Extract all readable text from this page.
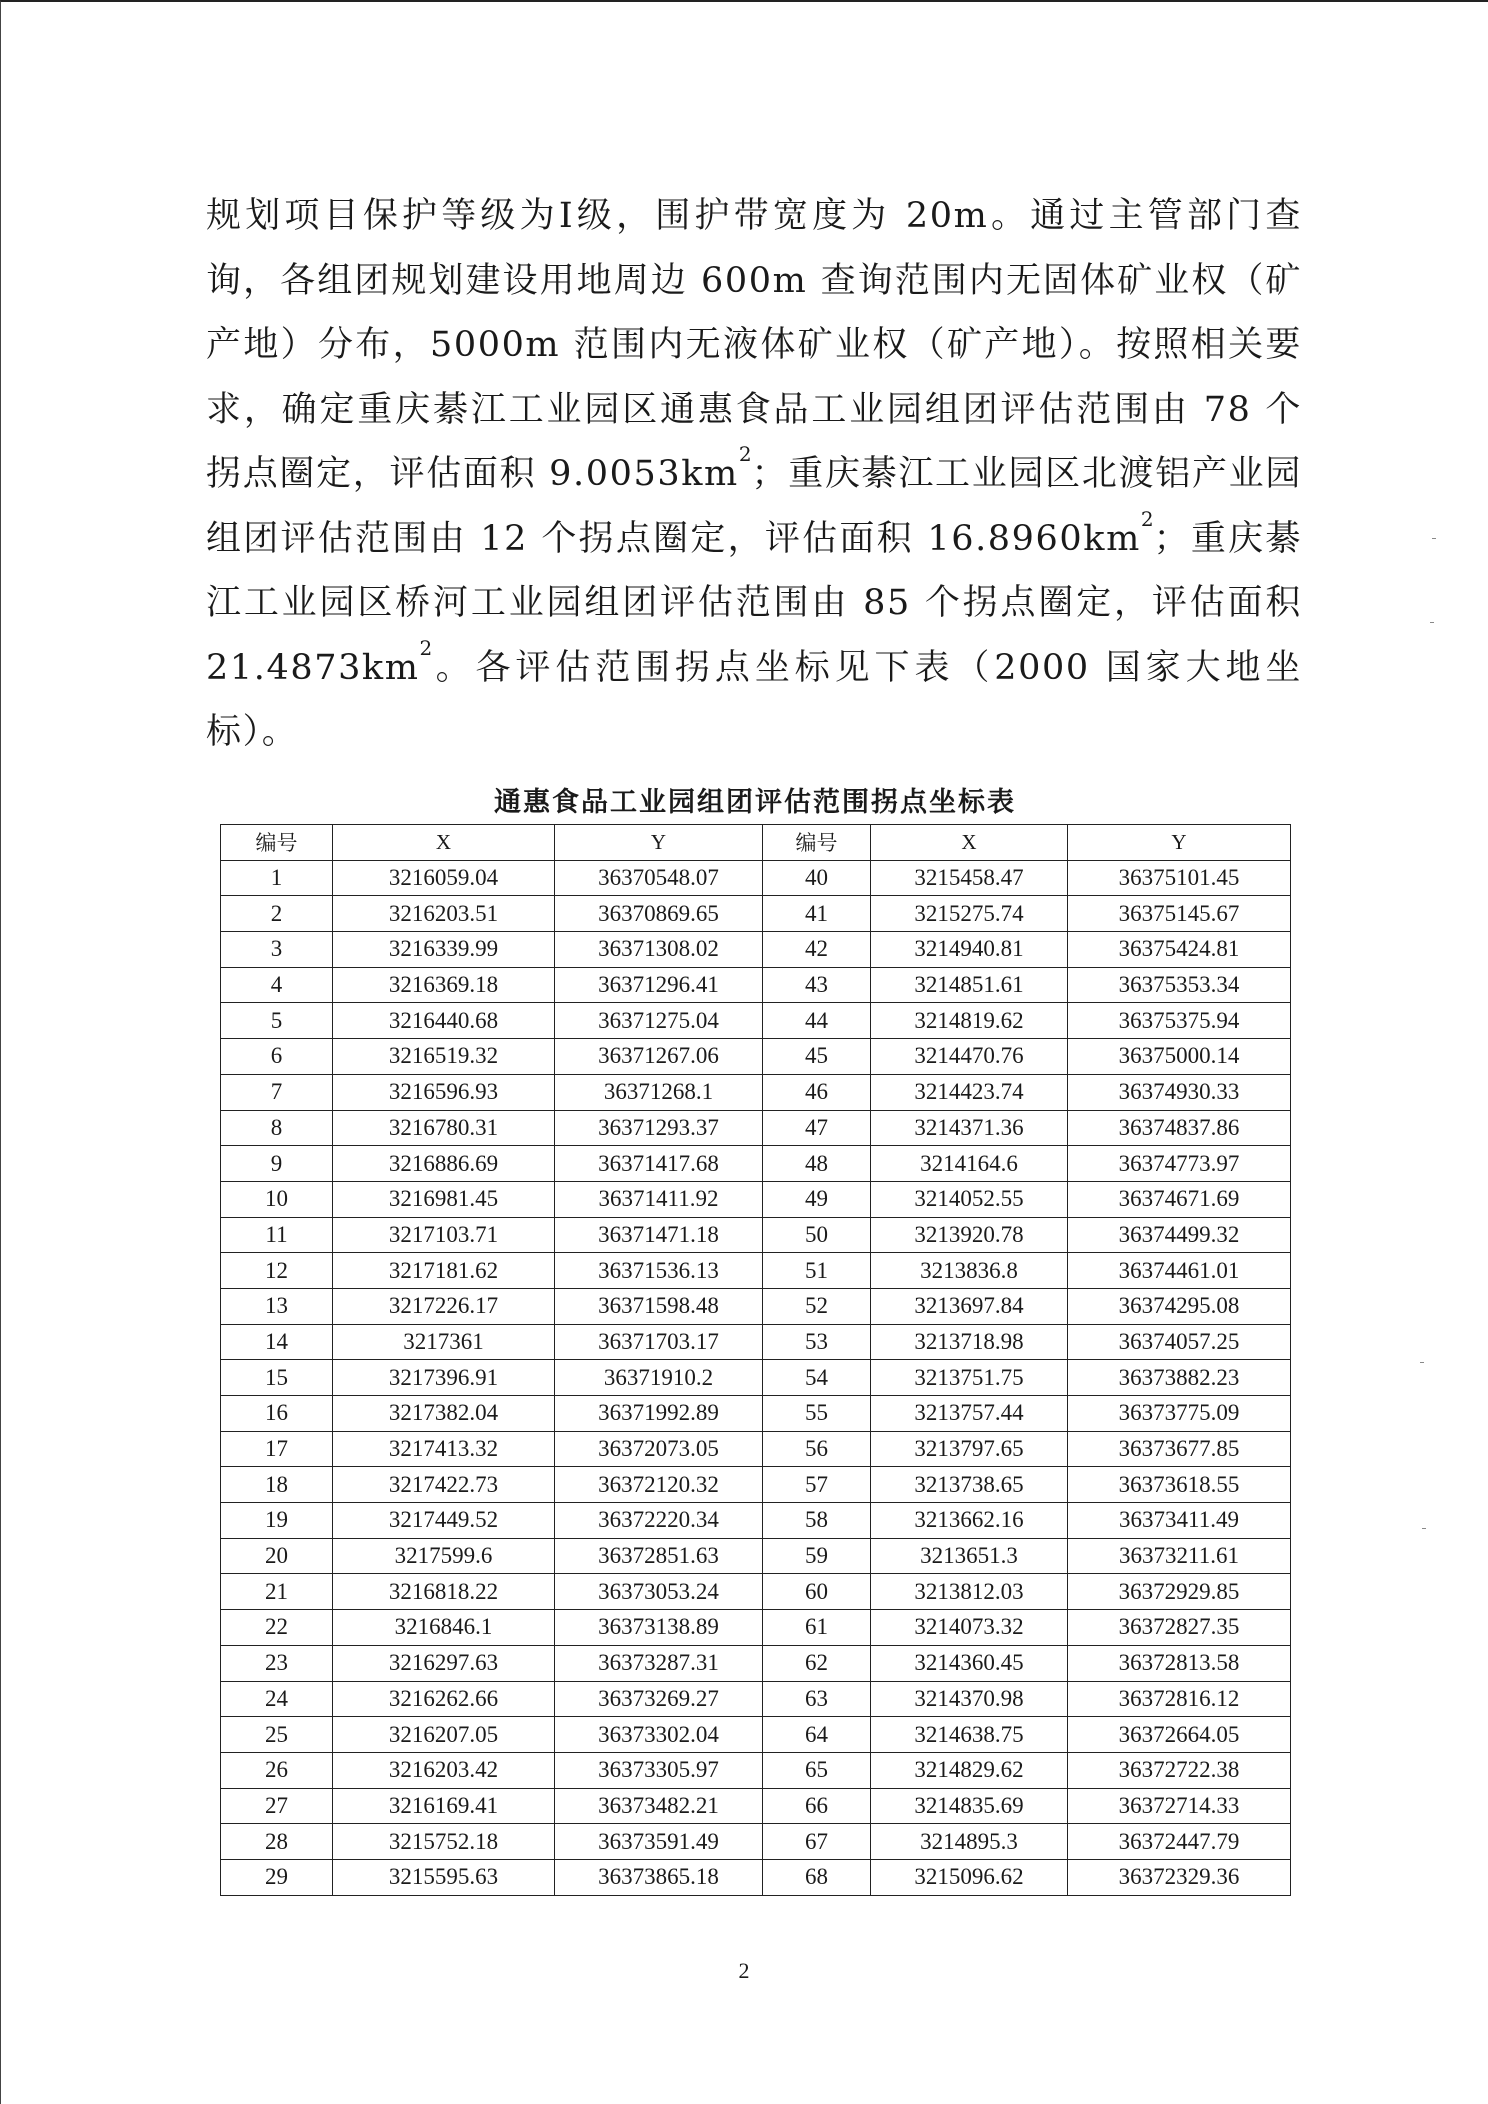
规划项目保护等级为Ⅰ级，围护带宽度为 20m。通过主管部门查询，各组团规划建设用地周边 600m 查询范围内无固体矿业权（矿产地）分布，5000m 范围内无液体矿业权（矿产地）。按照相关要求，确定重庆綦江工业园区通惠食品工业园组团评估范围由 78 个拐点圈定，评估面积 $9.0053km^2$；重庆綦江工业园区北渡铝产业园组团评估范围由 12 个拐点圈定，评估面积 $16.8960km^2$；重庆綦江工业园区桥河工业园组团评估范围由 85 个拐点圈定，评估面积 $21.4873km^2$。各评估范围拐点坐标见下表（2000 国家大地坐标）。
通惠食品工业园组团评估范围拐点坐标表
编号	X	Y	编号	X	Y
1	3216059.04	36370548.07	40	3215458.47	36375101.45
2	3216203.51	36370869.65	41	3215275.74	36375145.67
3	3216339.99	36371308.02	42	3214940.81	36375424.81
4	3216369.18	36371296.41	43	3214851.61	36375353.34
5	3216440.68	36371275.04	44	3214819.62	36375375.94
6	3216519.32	36371267.06	45	3214470.76	36375000.14
7	3216596.93	36371268.1	46	3214423.74	36374930.33
8	3216780.31	36371293.37	47	3214371.36	36374837.86
9	3216886.69	36371417.68	48	3214164.6	36374773.97
10	3216981.45	36371411.92	49	3214052.55	36374671.69
11	3217103.71	36371471.18	50	3213920.78	36374499.32
12	3217181.62	36371536.13	51	3213836.8	36374461.01
13	3217226.17	36371598.48	52	3213697.84	36374295.08
14	3217361	36371703.17	53	3213718.98	36374057.25
15	3217396.91	36371910.2	54	3213751.75	36373882.23
16	3217382.04	36371992.89	55	3213757.44	36373775.09
17	3217413.32	36372073.05	56	3213797.65	36373677.85
18	3217422.73	36372120.32	57	3213738.65	36373618.55
19	3217449.52	36372220.34	58	3213662.16	36373411.49
20	3217599.6	36372851.63	59	3213651.3	36373211.61
21	3216818.22	36373053.24	60	3213812.03	36372929.85
22	3216846.1	36373138.89	61	3214073.32	36372827.35
23	3216297.63	36373287.31	62	3214360.45	36372813.58
24	3216262.66	36373269.27	63	3214370.98	36372816.12
25	3216207.05	36373302.04	64	3214638.75	36372664.05
26	3216203.42	36373305.97	65	3214829.62	36372722.38
27	3216169.41	36373482.21	66	3214835.69	36372714.33
28	3215752.18	36373591.49	67	3214895.3	36372447.79
29	3215595.63	36373865.18	68	3215096.62	36372329.36
2
